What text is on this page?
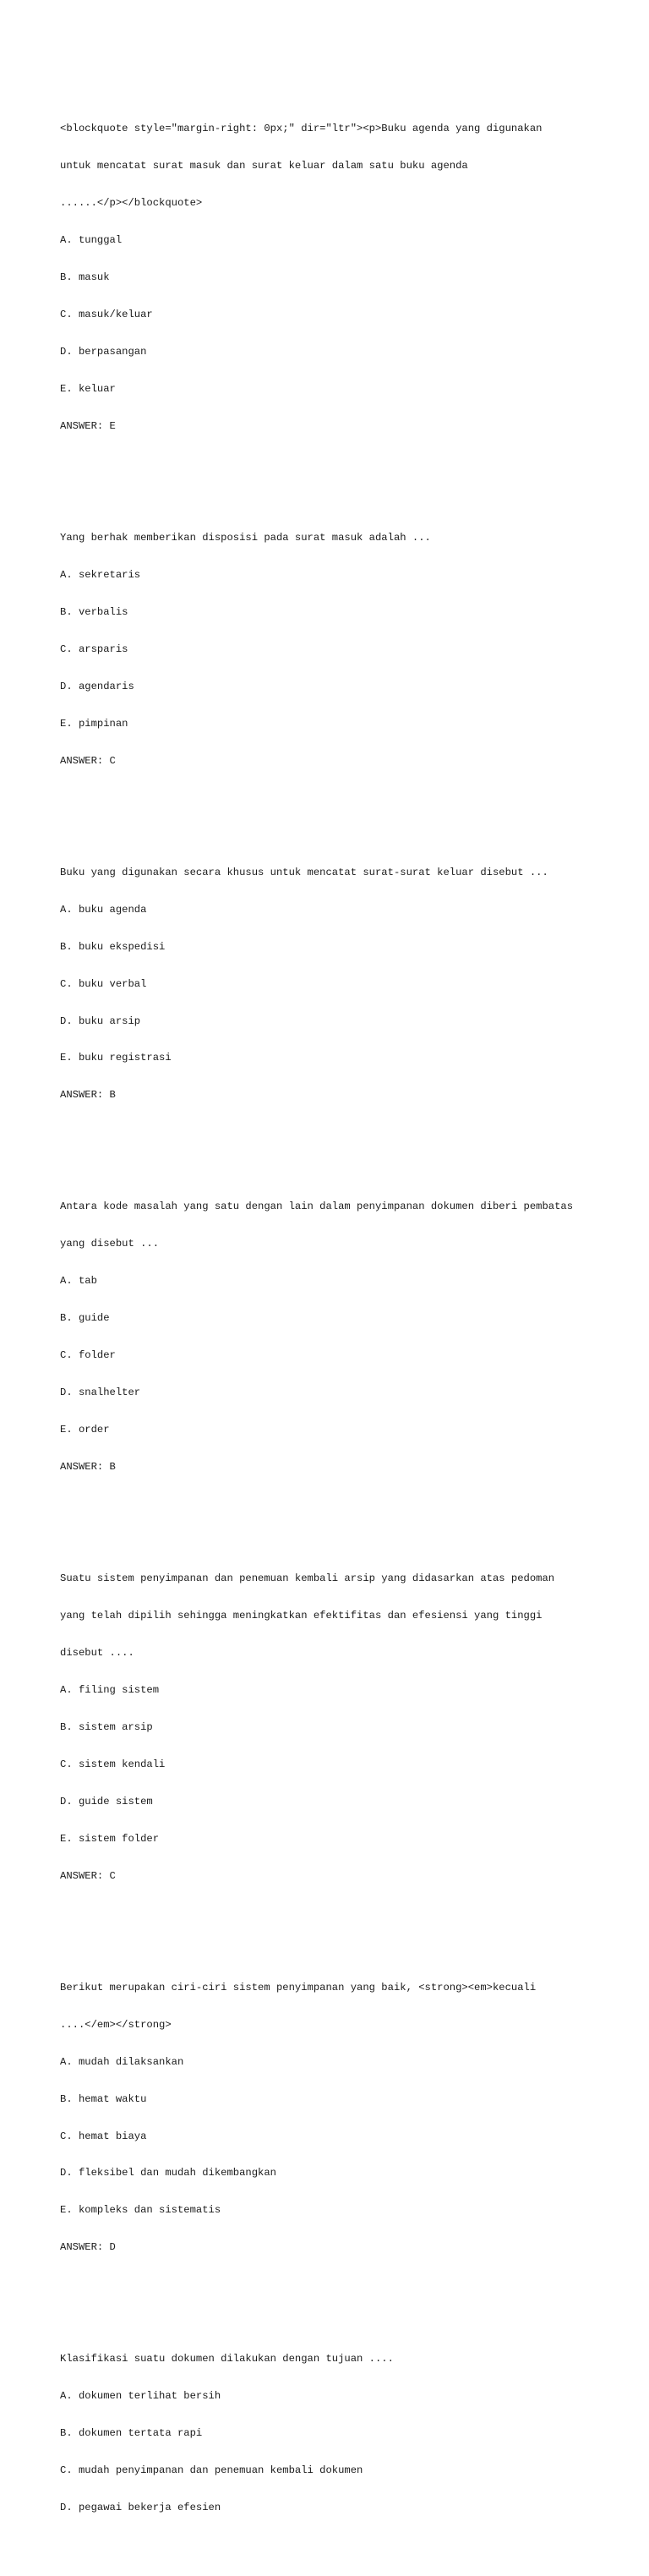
<blockquote style="margin-right: 0px;" dir="ltr"><p>Buku agenda yang digunakan

untuk mencatat surat masuk dan surat keluar dalam satu buku agenda

......</p></blockquote>

A. tunggal

B. masuk

C. masuk/keluar

D. berpasangan

E. keluar

ANSWER: E

Yang berhak memberikan disposisi pada surat masuk adalah ...

A. sekretaris

B. verbalis

C. arsparis

D. agendaris

E. pimpinan

ANSWER: C

Buku yang digunakan secara khusus untuk mencatat surat-surat keluar disebut ...

A. buku agenda

B. buku ekspedisi

C. buku verbal

D. buku arsip

E. buku registrasi

ANSWER: B

Antara kode masalah yang satu dengan lain dalam penyimpanan dokumen diberi pembatas

yang disebut ...

A. tab

B. guide

C. folder

D. snalhelter

E. order

ANSWER: B

Suatu sistem penyimpanan dan penemuan kembali arsip yang didasarkan atas pedoman

yang telah dipilih sehingga meningkatkan efektifitas dan efesiensi yang tinggi

disebut ....

A. filing sistem

B. sistem arsip

C. sistem kendali

D. guide sistem

E. sistem folder

ANSWER: C

Berikut merupakan ciri-ciri sistem penyimpanan yang baik, <strong><em>kecuali

....</em></strong>

A. mudah dilaksankan

B. hemat waktu

C. hemat biaya

D. fleksibel dan mudah dikembangkan

E. kompleks dan sistematis

ANSWER: D

Klasifikasi suatu dokumen dilakukan dengan tujuan ....

A. dokumen terlihat bersih

B. dokumen tertata rapi

C. mudah penyimpanan dan penemuan kembali dokumen

D. pegawai bekerja efesien
